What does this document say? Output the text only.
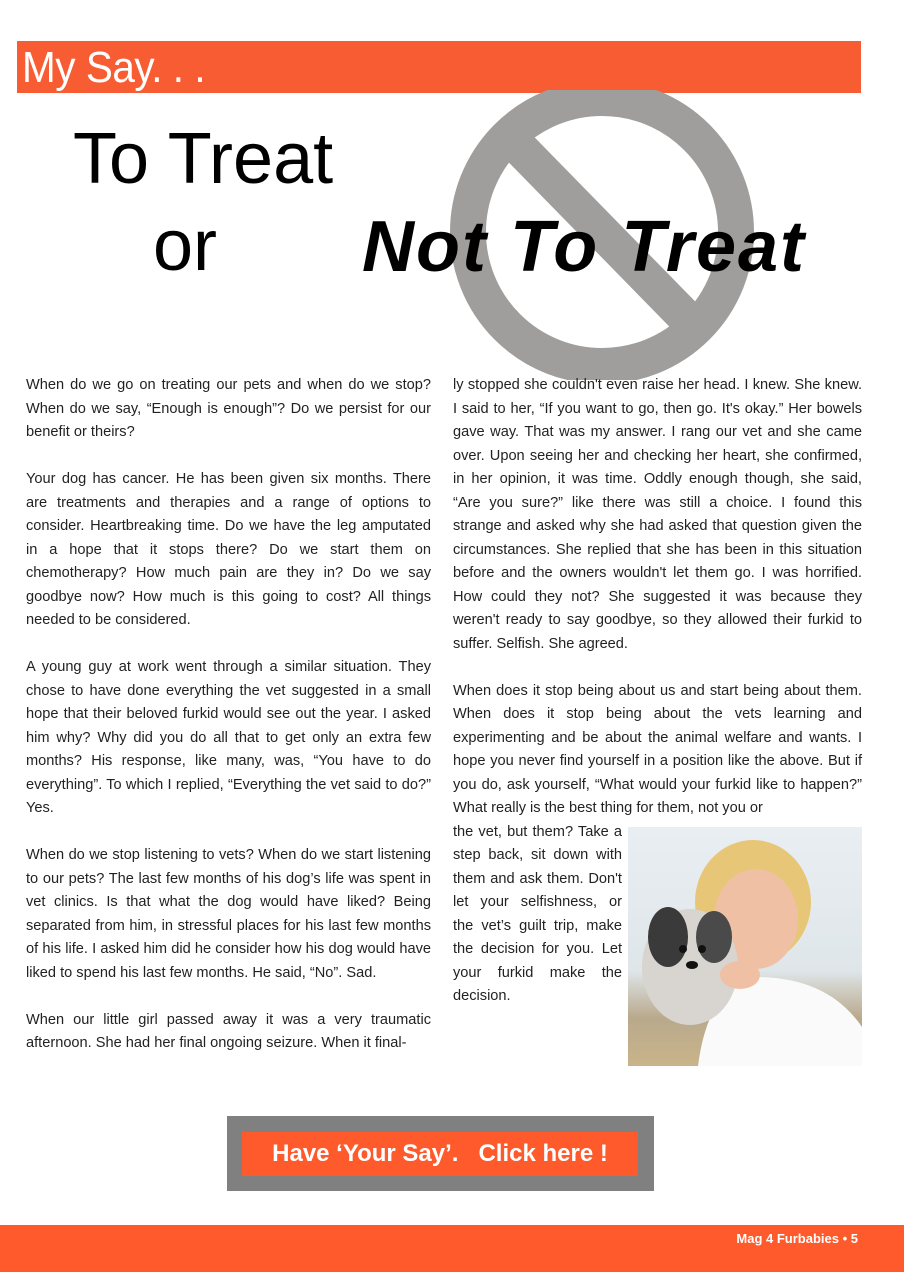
My Say. . .
To Treat
or Not To Treat

When do we go on treating our pets and when do we stop? When do we say, “Enough is enough”? Do we persist for our benefit or theirs?

Your dog has cancer. He has been given six months. There are treatments and therapies and a range of options to consider. Heartbreaking time. Do we have the leg amputated in a hope that it stops there? Do we start them on chemotherapy? How much pain are they in? Do we say goodbye now? How much is this going to cost? All things needed to be considered.

A young guy at work went through a similar situation. They chose to have done everything the vet suggested in a small hope that their beloved furkid would see out the year. I asked him why? Why did you do all that to get only an extra few months? His response, like many, was, “You have to do everything”. To which I replied, “Everything the vet said to do?” Yes.

When do we stop listening to vets? When do we start listening to our pets? The last few months of his dog’s life was spent in vet clinics. Is that what the dog would have liked? Being separated from him, in stressful places for his last few months of his life. I asked him did he consider how his dog would have liked to spend his last few months. He said, “No”. Sad.

When our little girl passed away it was a very traumatic afternoon. She had her final ongoing seizure. When it final-

ly stopped she couldn't even raise her head. I knew. She knew. I said to her, “If you want to go, then go. It's okay.” Her bowels gave way. That was my answer. I rang our vet and she came over. Upon seeing her and checking her heart, she confirmed, in her opinion, it was time. Oddly enough though, she said, “Are you sure?” like there was still a choice. I found this strange and asked why she had asked that question given the circumstances. She replied that she has been in this situation before and the owners wouldn't let them go. I was horrified. How could they not? She suggested it was because they weren't ready to say goodbye, so they allowed their furkid to suffer. Selfish. She agreed.

When does it stop being about us and start being about them. When does it stop being about the vets learning and experimenting and be about the animal welfare and wants. I hope you never find yourself in a position like the above. But if you do, ask yourself, “What would your furkid like to happen?” What really is the best thing for them, not you or

the vet, but them? Take a step back, sit down with them and ask them. Don't let your selfishness, or the vet’s guilt trip, make the decision for you. Let your furkid make the decision.

Have ‘Your Say’.   Click here !
Mag 4 Furbabies • 5
